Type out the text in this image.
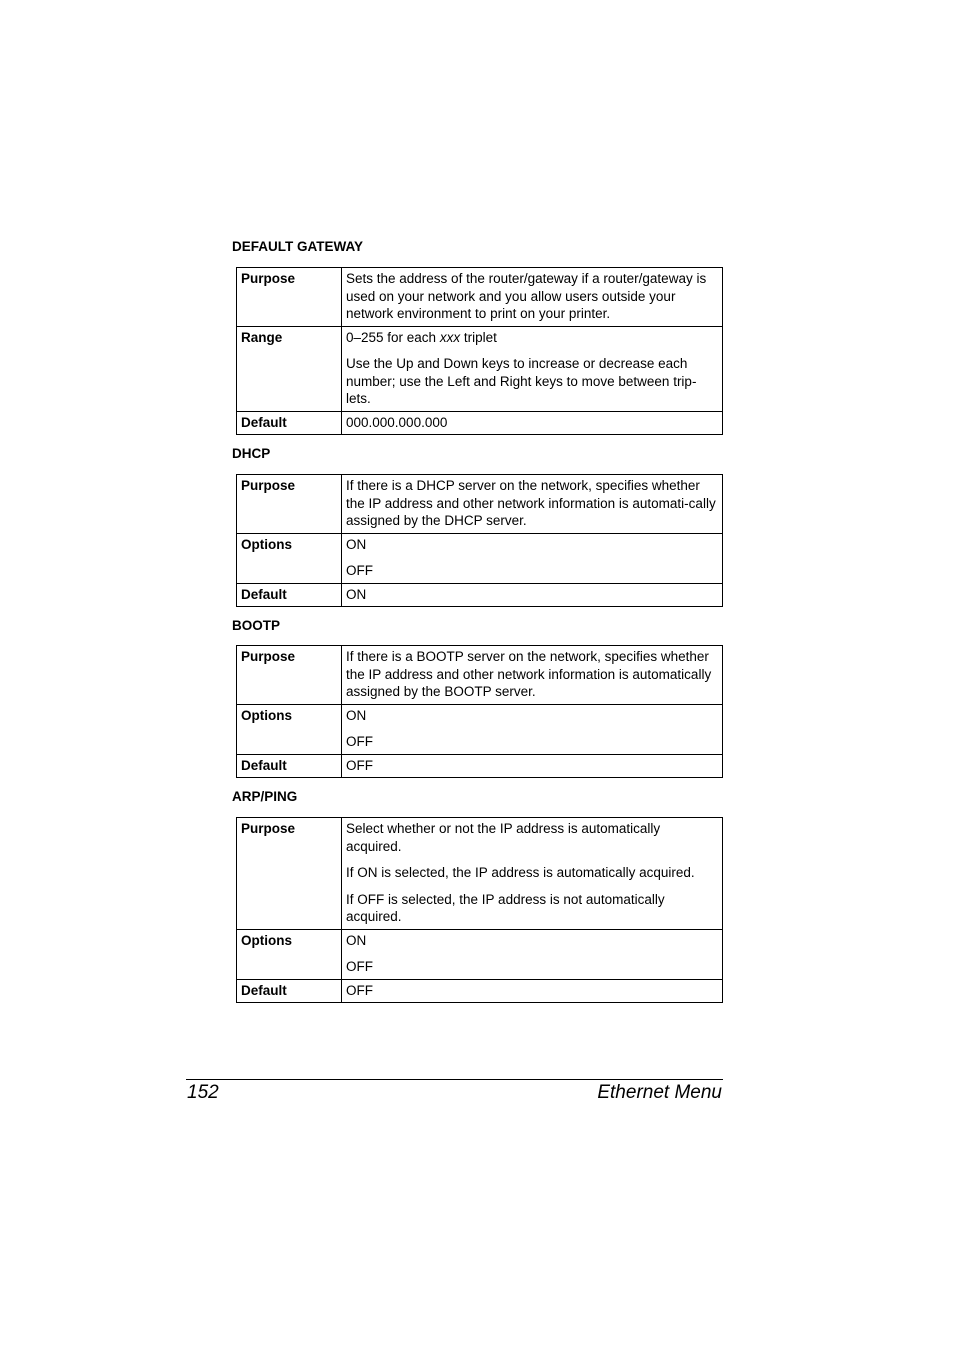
DEFAULT GATEWAY
Purpose	Sets the address of the router/gateway if a router/gateway is used on your network and you allow users outside your network environment to print on your printer.

Range	0–255 for each xxx triplet

Use the Up and Down keys to increase or decrease each number; use the Left and Right keys to move between trip-lets.

Default	000.000.000.000

DHCP
Purpose	If there is a DHCP server on the network, specifies whether the IP address and other network information is automati-cally assigned by the DHCP server.

Options	ON

OFF

Default	ON

BOOTP
Purpose	If there is a BOOTP server on the network, specifies whether the IP address and other network information is automatically assigned by the BOOTP server.

Options	ON

OFF

Default	OFF

ARP/PING
Purpose	Select whether or not the IP address is automatically acquired.

If ON is selected, the IP address is automatically acquired.

If OFF is selected, the IP address is not automatically acquired.

Options	ON

OFF

Default	OFF

152	Ethernet Menu
